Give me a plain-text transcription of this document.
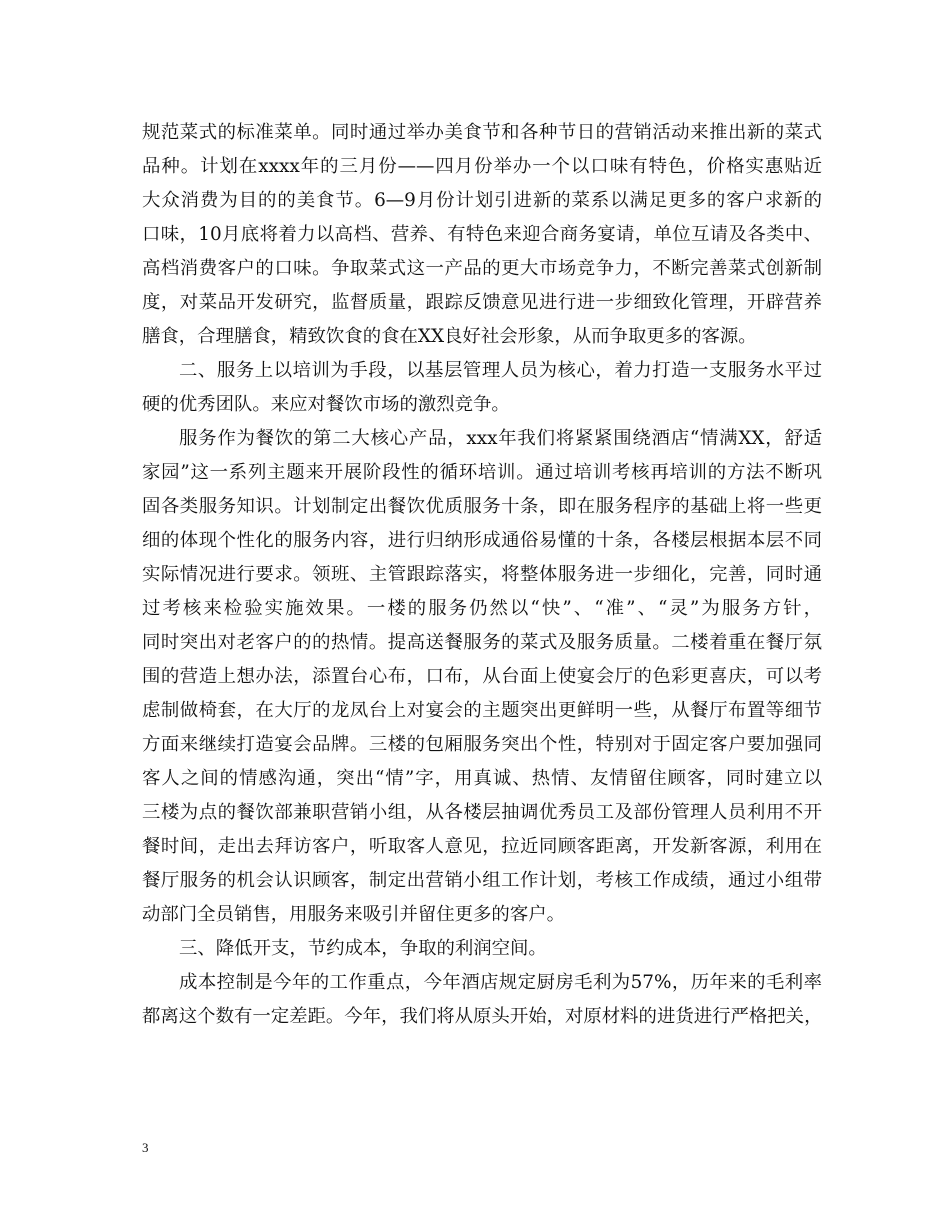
规范菜式的标准菜单。同时通过举办美食节和各种节日的营销活动来推出新的菜式
品种。计划在xxxx年的三月份——四月份举办一个以口味有特色，价格实惠贴近
大众消费为目的的美食节。6—9月份计划引进新的菜系以满足更多的客户求新的
口味，10月底将着力以高档、营养、有特色来迎合商务宴请，单位互请及各类中、
高档消费客户的口味。争取菜式这一产品的更大市场竞争力，不断完善菜式创新制
度，对菜品开发研究，监督质量，跟踪反馈意见进行进一步细致化管理，开辟营养
膳食，合理膳食，精致饮食的食在XX良好社会形象，从而争取更多的客源。
二、服务上以培训为手段，以基层管理人员为核心，着力打造一支服务水平过
硬的优秀团队。来应对餐饮市场的激烈竞争。
服务作为餐饮的第二大核心产品，xxx年我们将紧紧围绕酒店“情满XX，舒适
家园”这一系列主题来开展阶段性的循环培训。通过培训考核再培训的方法不断巩
固各类服务知识。计划制定出餐饮优质服务十条，即在服务程序的基础上将一些更
细的体现个性化的服务内容，进行归纳形成通俗易懂的十条，各楼层根据本层不同
实际情况进行要求。领班、主管跟踪落实，将整体服务进一步细化，完善，同时通
过考核来检验实施效果。一楼的服务仍然以“快”、“准”、“灵”为服务方针，
同时突出对老客户的的热情。提高送餐服务的菜式及服务质量。二楼着重在餐厅氛
围的营造上想办法，添置台心布，口布，从台面上使宴会厅的色彩更喜庆，可以考
虑制做椅套，在大厅的龙凤台上对宴会的主题突出更鲜明一些，从餐厅布置等细节
方面来继续打造宴会品牌。三楼的包厢服务突出个性，特别对于固定客户要加强同
客人之间的情感沟通，突出“情”字，用真诚、热情、友情留住顾客，同时建立以
三楼为点的餐饮部兼职营销小组，从各楼层抽调优秀员工及部份管理人员利用不开
餐时间，走出去拜访客户，听取客人意见，拉近同顾客距离，开发新客源，利用在
餐厅服务的机会认识顾客，制定出营销小组工作计划，考核工作成绩，通过小组带
动部门全员销售，用服务来吸引并留住更多的客户。
三、降低开支，节约成本，争取的利润空间。
成本控制是今年的工作重点，今年酒店规定厨房毛利为57%，历年来的毛利率
都离这个数有一定差距。今年，我们将从原头开始，对原材料的进货进行严格把关，
3
